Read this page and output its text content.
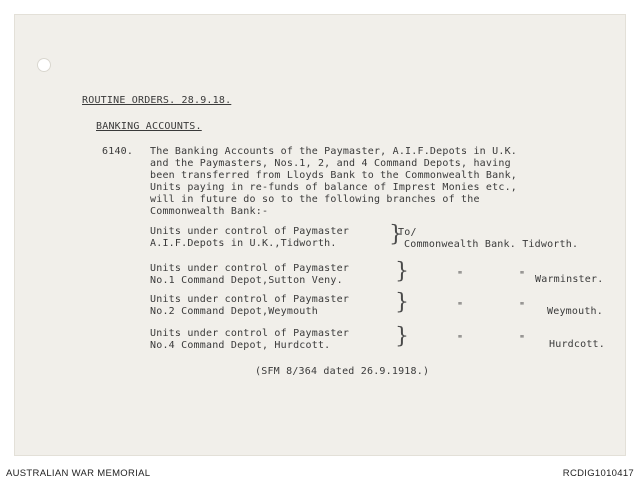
ROUTINE ORDERS. 28.9.18.
BANKING ACCOUNTS.
6140. The Banking Accounts of the Paymaster, A.I.F.Depots in U.K.
and the Paymasters, Nos.1, 2, and 4 Command Depots, having
been transferred from Lloyds Bank to the Commonwealth Bank,
Units paying in re-funds of balance of Imprest Monies etc.,
will in future do so to the following branches of the
Commonwealth Bank:-
Units under control of Paymaster
A.I.F.Depots in U.K.,Tidworth. }
To/
Commonwealth Bank. Tidworth.
Units under control of Paymaster
No.1 Command Depot,Sutton Veny. }	"	" Warminster.
Units under control of Paymaster
No.2 Command Depot,Weymouth	}	"	" Weymouth.
Units under control of Paymaster
No.4 Command Depot, Hurdcott.	}	"	" Hurdcott.
(SFM 8/364 dated 26.9.1918.)
AUSTRALIAN WAR MEMORIAL	RCDIG1010417
